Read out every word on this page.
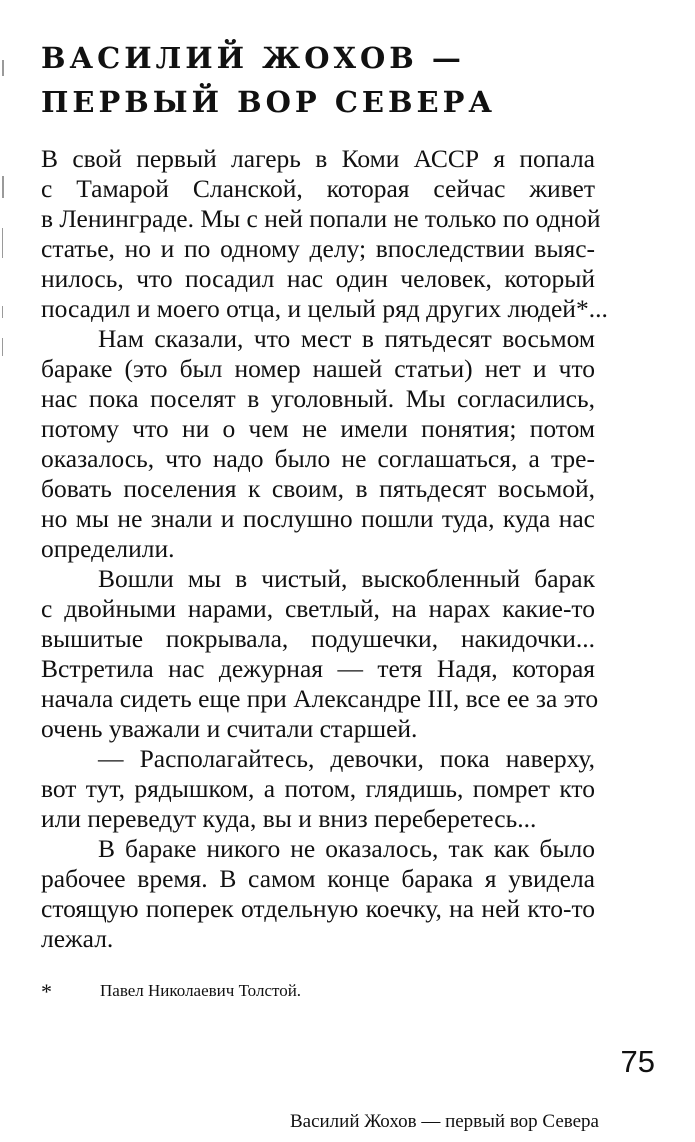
ВАСИЛИЙ ЖОХОВ —
ПЕРВЫЙ ВОР СЕВЕРА
В свой первый лагерь в Коми АССР я попала
с Тамарой Сланской, которая сейчас живет
в Ленинграде. Мы с ней попали не только по одной
статье, но и по одному делу; впоследствии выяс-
нилось, что посадил нас один человек, который
посадил и моего отца, и целый ряд других людей*...
Нам сказали, что мест в пятьдесят восьмом
бараке (это был номер нашей статьи) нет и что
нас пока поселят в уголовный. Мы согласились,
потому что ни о чем не имели понятия; потом
оказалось, что надо было не соглашаться, а тре-
бовать поселения к своим, в пятьдесят восьмой,
но мы не знали и послушно пошли туда, куда нас
определили.
Вошли мы в чистый, выскобленный барак
с двойными нарами, светлый, на нарах какие-то
вышитые покрывала, подушечки, накидочки...
Встретила нас дежурная — тетя Надя, которая
начала сидеть еще при Александре III, все ее за это
очень уважали и считали старшей.
— Располагайтесь, девочки, пока наверху,
вот тут, рядышком, а потом, глядишь, помрет кто
или переведут куда, вы и вниз переберетесь...
В бараке никого не оказалось, так как было
рабочее время. В самом конце барака я увидела
стоящую поперек отдельную коечку, на ней кто-то
лежал.
*	Павел Николаевич Толстой.
75
Василий Жохов — первый вор Севера
